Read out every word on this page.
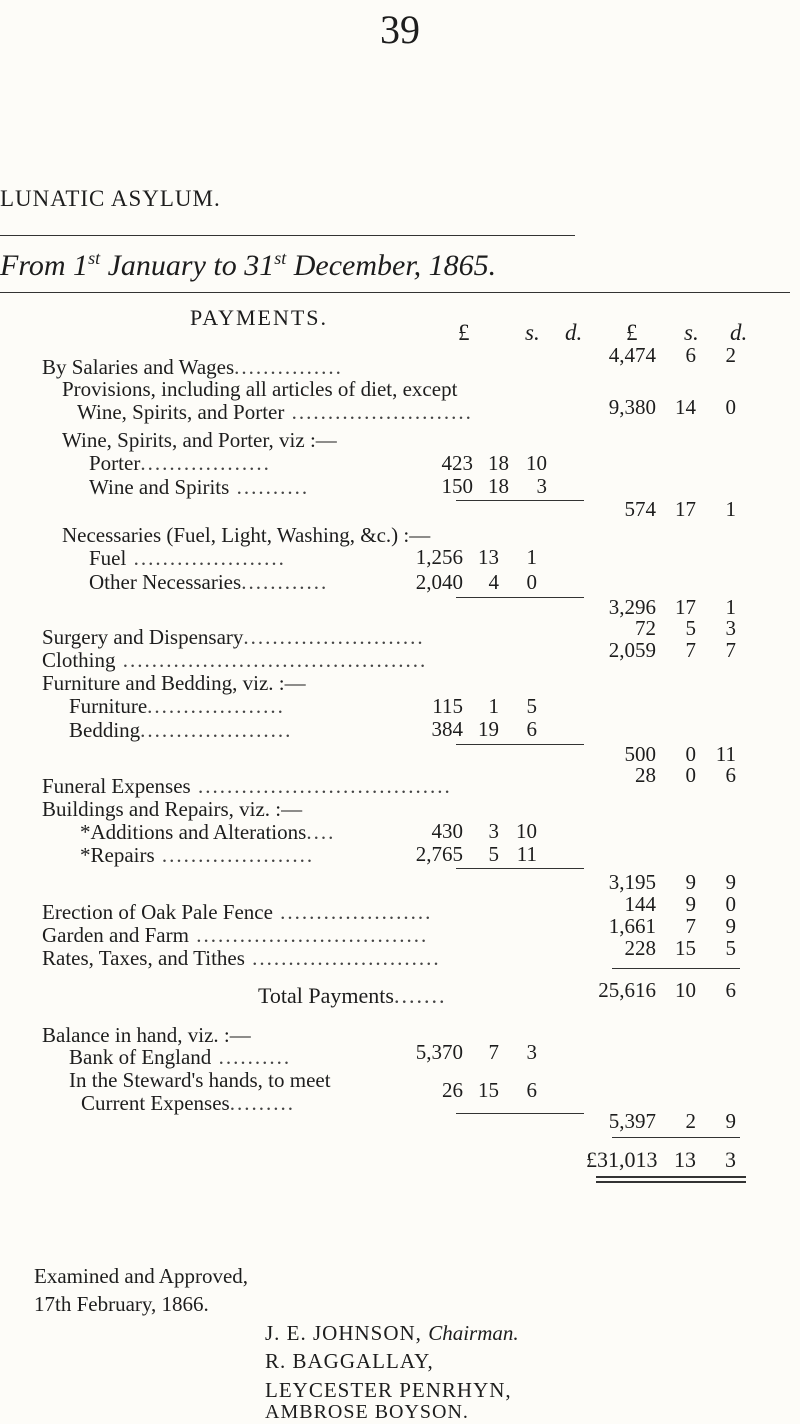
39
LUNATIC ASYLUM.
From 1st January to 31st December, 1865.
PAYMENTS.
£ s. d. £ s. d.
By Salaries and Wages...............	4,474 6 2
Provisions, including all articles of diet, except
Wine, Spirits, and Porter .........................	9,380 14 0
Wine, Spirits, and Porter, viz :—
Porter..................	423 18 10
Wine and Spirits ..........	150 18 3
574 17 1
Necessaries (Fuel, Light, Washing, &c.) :—
Fuel .....................	1,256 13 1
Other Necessaries............	2,040 4 0
3,296 17 1
Surgery and Dispensary.........................	72 5 3
Clothing ..........................................	2,059 7 7
Furniture and Bedding, viz. :—
Furniture...................	115 1 5
Bedding.....................	384 19 6
500 0 11
Funeral Expenses ...................................	28 0 6
Buildings and Repairs, viz. :—
*Additions and Alterations....	430 3 10
*Repairs .....................	2,765 5 11
3,195 9 9
Erection of Oak Pale Fence .....................	144 9 0
Garden and Farm ................................	1,661 7 9
Rates, Taxes, and Tithes ..........................	228 15 5
Total Payments.......	25,616 10 6
Balance in hand, viz. :—
Bank of England ..........	5,370 7 3
In the Steward's hands, to meet
Current Expenses.........
26 15 6
5,397 2 9
£31,013 13 3
Examined and Approved,
17th February, 1866.
J. E. JOHNSON, Chairman.
R. BAGGALLAY,
LEYCESTER PENRHYN,
AMBROSE BOYSON.
